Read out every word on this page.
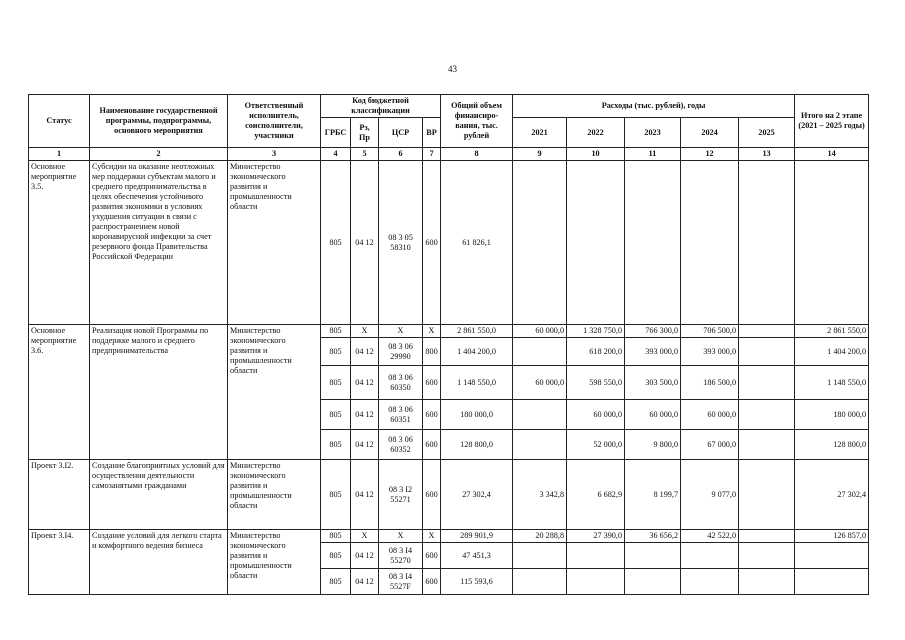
43
Статус	Наименование государственной программы, подпрограммы, основного мероприятия	Ответственный исполнитель, соисполнители, участники	Код бюджетной классификации				Общий объем финансиро-вания, тыс. рублей	Расходы (тыс. рублей), годы					Итого на 2 этапе (2021 – 2025 годы)
			ГРБС	Рз, Пр	ЦСР	ВР		2021	2022	2023	2024	2025	
1	2	3	4	5	6	7	8	9	10	11	12	13	14
Основное мероприятие 3.5.	Субсидии на оказание неотложных мер поддержки субъектам малого и среднего предпринимательства в целях обеспечения устойчивого развития экономики в условиях ухудшения ситуации в связи с распространением новой коронавирусной инфекции за счет резервного фонда Правительства Российской Федерации	Министерство экономического развития и промышленности области	805	04 12	08 3 05 58310	600	61 826,1						
Основное мероприятие 3.6.	Реализация новой Программы по поддержке малого и среднего предпринимательства	Министерство экономического развития и промышленности области	805	X	X	X	2 861 550,0	60 000,0	1 328 750,0	766 300,0	706 500,0		2 861 550,0
			805	04 12	08 3 06 29990	800	1 404 200,0		618 200,0	393 000,0	393 000,0		1 404 200,0
			805	04 12	08 3 06 60350	600	1 148 550,0	60 000,0	598 550,0	303 500,0	186 500,0		1 148 550,0
			805	04 12	08 3 06 60351	600	180 000,0		60 000,0	60 000,0	60 000,0		180 000,0
			805	04 12	08 3 06 60352	600	128 800,0		52 000,0	9 800,0	67 000,0		128 800,0
Проект 3.I2.	Создание благоприятных условий для осуществления деятельности самозанятыми гражданами	Министерство экономического развития и промышленности области	805	04 12	08 3 I2 55271	600	27 302,4	3 342,8	6 682,9	8 199,7	9 077,0		27 302,4
Проект 3.I4.	Создание условий для легкого старта и комфортного ведения бизнеса	Министерство экономического развития и промышленности области	805	X	X	X	289 901,9	20 288,8	27 390,0	36 656,2	42 522,0		126 857,0
			805	04 12	08 3 I4 55270	600	47 451,3						
			805	04 12	08 3 I4 5527F	600	115 593,6						
